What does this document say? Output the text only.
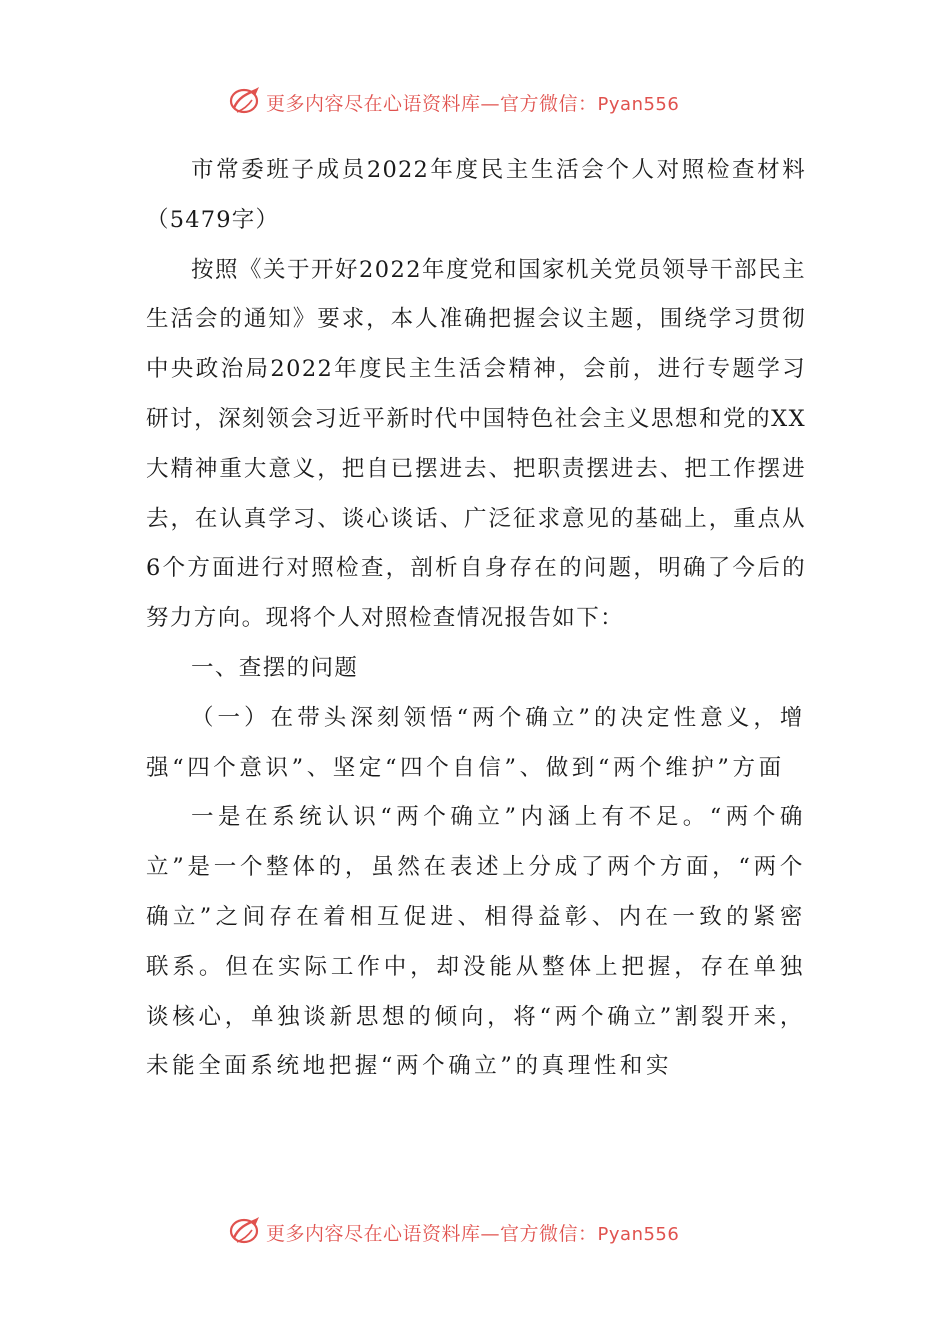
更多内容尽在心语资料库—官方微信：Pyan556

市常委班子成员2022年度民主生活会个人对照检查材料（5479字）

按照《关于开好2022年度党和国家机关党员领导干部民主生活会的通知》要求，本人准确把握会议主题，围绕学习贯彻中央政治局2022年度民主生活会精神，会前，进行专题学习研讨，深刻领会习近平新时代中国特色社会主义思想和党的XX大精神重大意义，把自已摆进去、把职责摆进去、把工作摆进去，在认真学习、谈心谈话、广泛征求意见的基础上，重点从6个方面进行对照检查，剖析自身存在的问题，明确了今后的努力方向。现将个人对照检查情况报告如下：

一、查摆的问题

（一）在带头深刻领悟“两个确立”的决定性意义，增强“四个意识”、坚定“四个自信”、做到“两个维护”方面

一是在系统认识“两个确立”内涵上有不足。“两个确立”是一个整体的，虽然在表述上分成了两个方面，“两个确立”之间存在着相互促进、相得益彰、内在一致的紧密联系。但在实际工作中，却没能从整体上把握，存在单独谈核心，单独谈新思想的倾向，将“两个确立”割裂开来，未能全面系统地把握“两个确立”的真理性和实

更多内容尽在心语资料库—官方微信：Pyan556
